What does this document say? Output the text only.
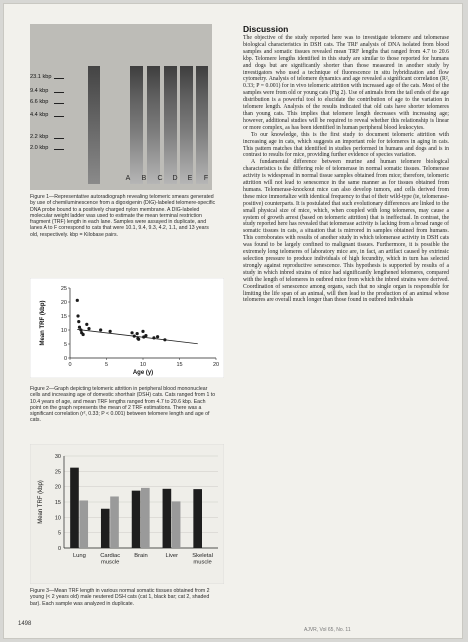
23.1 kbp
9.4 kbp
6.6 kbp
4.4 kbp
2.2 kbp
2.0 kbp
A	B	C	D	E	F
Figure 1—Representative autoradiograph revealing telomeric smears generated by use of chemiluminescence from a digoxigenin (DIG)-labeled telomere-specific DNA probe bound to a positively charged nylon membrane. A DIG-labeled molecular weight ladder was used to estimate the mean terminal restriction fragment (TRF) length in each lane. Samples were assayed in duplicate, and lanes A to F correspond to cats that were 10.1, 9.4, 9.3, 4.2, 1.1, and 13 years old, respectively. kbp = Kilobase pairs.
0	5	10	15	20
0
5
10
15
20
25
Age (y)
Mean TRF (kbp)
Figure 2—Graph depicting telomeric attrition in peripheral blood mononuclear cells and increasing age of domestic shorthair (DSH) cats. Cats ranged from 1 to 10.4 years of age, and mean TRF lengths ranged from 4.7 to 20.6 kbp. Each point on the graph represents the mean of 2 TRF estimations. There was a significant correlation (r², 0.33; P < 0.001) between telomere length and age of cats.
0
5
10
15
20
25
30
Mean TRF (kbp)
Lung Cardiac
muscle
Brain	Liver Skeletal
muscle
Figure 3—Mean TRF length in various normal somatic tissues obtained from 2 young (< 2 years old) male neutered DSH cats (cat 1, black bar; cat 2, shaded bar). Each sample was analyzed in duplicate.
Discussion

The objective of the study reported here was to investigate telomere and telomerase biological characteristics in DSH cats. The TRF analysis of DNA isolated from blood samples and somatic tissues revealed mean TRF lengths that ranged from 4.7 to 20.6 kbp. Telomere lengths identified in this study are similar to those reported for humans and dogs but are significantly shorter than those measured in another study by investigators who used a technique of fluorescence in situ hybridization and flow cytometry. Analysis of telomere dynamics and age revealed a significant correlation (R², 0.33; P = 0.001) for in vivo telomeric attrition with increased age of the cats. Most of the samples were from old or young cats (Fig 2). Use of animals from the tail ends of the age distribution is a powerful tool to elucidate the contribution of age to the variation in telomere length. Analysis of the results indicated that old cats have shorter telomeres than young cats. This implies that telomere length decreases with increasing age; however, additional studies will be required to reveal whether this relationship is linear or more complex, as has been identified in human peripheral blood leukocytes.

To our knowledge, this is the first study to document telomeric attrition with increasing age in cats, which suggests an important role for telomeres in aging in cats. This pattern matches that identified in studies performed in humans and dogs and is in contrast to results for mice, providing further evidence of species variation.

A fundamental difference between murine and human telomere biological characteristics is the differing role of telomerase in normal somatic tissues. Telomerase activity is widespread in normal tissue samples obtained from mice; therefore, telomeric attrition will not lead to senescence in the same manner as for tissues obtained from humans. Telomerase-knockout mice can also develop tumors, and cells derived from these mice immortalize with identical frequency to that of their wild-type (ie, telomerase-positive) counterparts. It is postulated that such evolutionary differences are linked to the small physical size of mice, which, when coupled with long telomeres, may cause a system of growth arrest (based on telomeric attrition) that is ineffectual. In contrast, the study reported here has revealed that telomerase activity is lacking from a broad range of somatic tissues in cats, a situation that is mirrored in samples obtained from humans. This corroborates with results of another study in which telomerase activity in DSH cats was found to be largely confined to malignant tissues. Furthermore, it is possible the extremely long telomeres of laboratory mice are, in fact, an artifact caused by extrinsic selection pressure to produce individuals of high fecundity, which in turn has selected strongly against reproductive senescence. This hypothesis is supported by results of a study in which inbred strains of mice had significantly lengthened telomeres, compared with the length of telomeres in outbred mice from which the inbred strains were derived. Coordination of senescence among organs, such that no single organ is responsible for limiting the life span of an animal, will then lead to the production of an animal whose telomeres are overall much longer than those found in outbred individuals

1498
AJVR, Vol 65, No. 11
